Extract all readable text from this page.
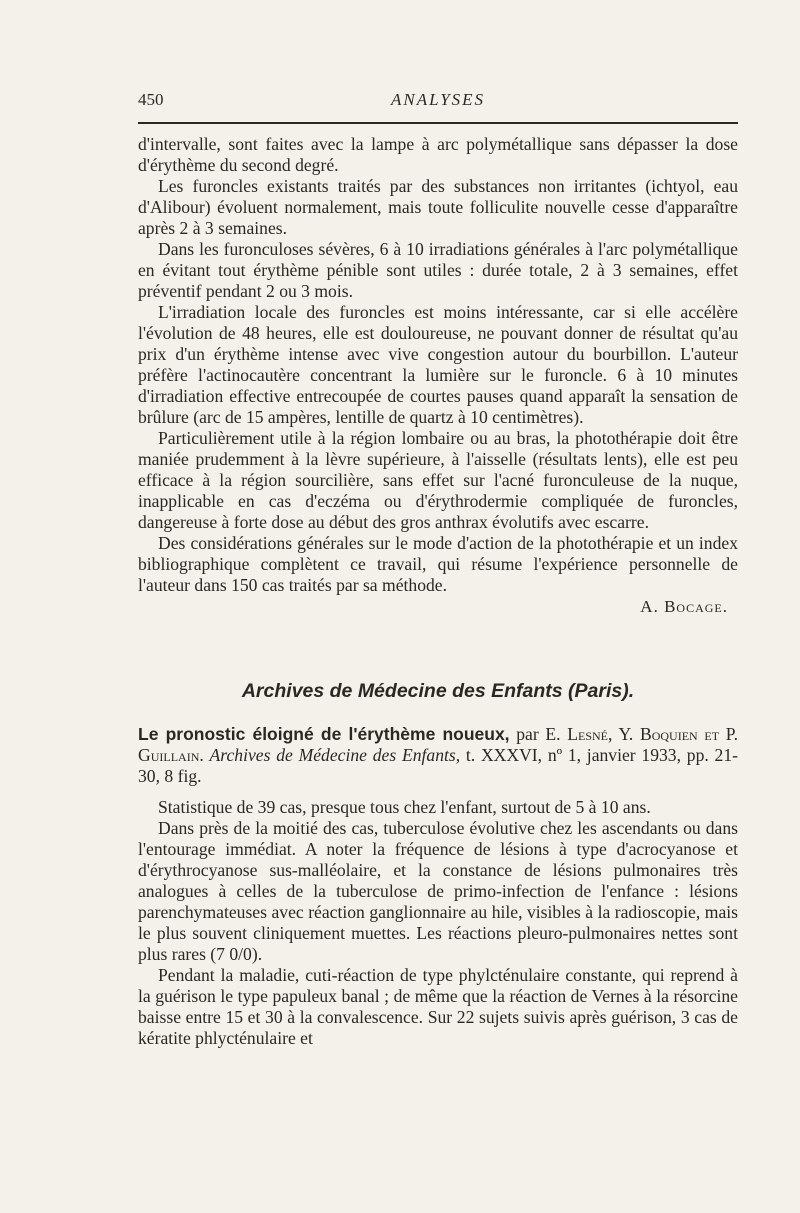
450	ANALYSES

d'intervalle, sont faites avec la lampe à arc polymétallique sans dépasser la dose d'érythème du second degré.

Les furoncles existants traités par des substances non irritantes (ichtyol, eau d'Alibour) évoluent normalement, mais toute folliculite nouvelle cesse d'apparaître après 2 à 3 semaines.

Dans les furonculoses sévères, 6 à 10 irradiations générales à l'arc polymétallique en évitant tout érythème pénible sont utiles : durée totale, 2 à 3 semaines, effet préventif pendant 2 ou 3 mois.

L'irradiation locale des furoncles est moins intéressante, car si elle accélère l'évolution de 48 heures, elle est douloureuse, ne pouvant donner de résultat qu'au prix d'un érythème intense avec vive congestion autour du bourbillon. L'auteur préfère l'actinocautère concentrant la lumière sur le furoncle. 6 à 10 minutes d'irradiation effective entrecoupée de courtes pauses quand apparaît la sensation de brûlure (arc de 15 ampères, lentille de quartz à 10 centimètres).

Particulièrement utile à la région lombaire ou au bras, la photothérapie doit être maniée prudemment à la lèvre supérieure, à l'aisselle (résultats lents), elle est peu efficace à la région sourcilière, sans effet sur l'acné furonculeuse de la nuque, inapplicable en cas d'eczéma ou d'érythrodermie compliquée de furoncles, dangereuse à forte dose au début des gros anthrax évolutifs avec escarre.

Des considérations générales sur le mode d'action de la photothérapie et un index bibliographique complètent ce travail, qui résume l'expérience personnelle de l'auteur dans 150 cas traités par sa méthode.

A. Bocage.

Archives de Médecine des Enfants (Paris).

Le pronostic éloigné de l'érythème noueux, par E. Lesné, Y. Boquien et P. Guillain. Archives de Médecine des Enfants, t. XXXVI, nº 1, janvier 1933, pp. 21-30, 8 fig.

Statistique de 39 cas, presque tous chez l'enfant, surtout de 5 à 10 ans.

Dans près de la moitié des cas, tuberculose évolutive chez les ascendants ou dans l'entourage immédiat. A noter la fréquence de lésions à type d'acrocyanose et d'érythrocyanose sus-malléolaire, et la constance de lésions pulmonaires très analogues à celles de la tuberculose de primo-infection de l'enfance : lésions parenchymateuses avec réaction ganglionnaire au hile, visibles à la radioscopie, mais le plus souvent cliniquement muettes. Les réactions pleuro-pulmonaires nettes sont plus rares (7 0/0).

Pendant la maladie, cuti-réaction de type phylcténulaire constante, qui reprend à la guérison le type papuleux banal ; de même que la réaction de Vernes à la résorcine baisse entre 15 et 30 à la convalescence. Sur 22 sujets suivis après guérison, 3 cas de kératite phlycténulaire et
